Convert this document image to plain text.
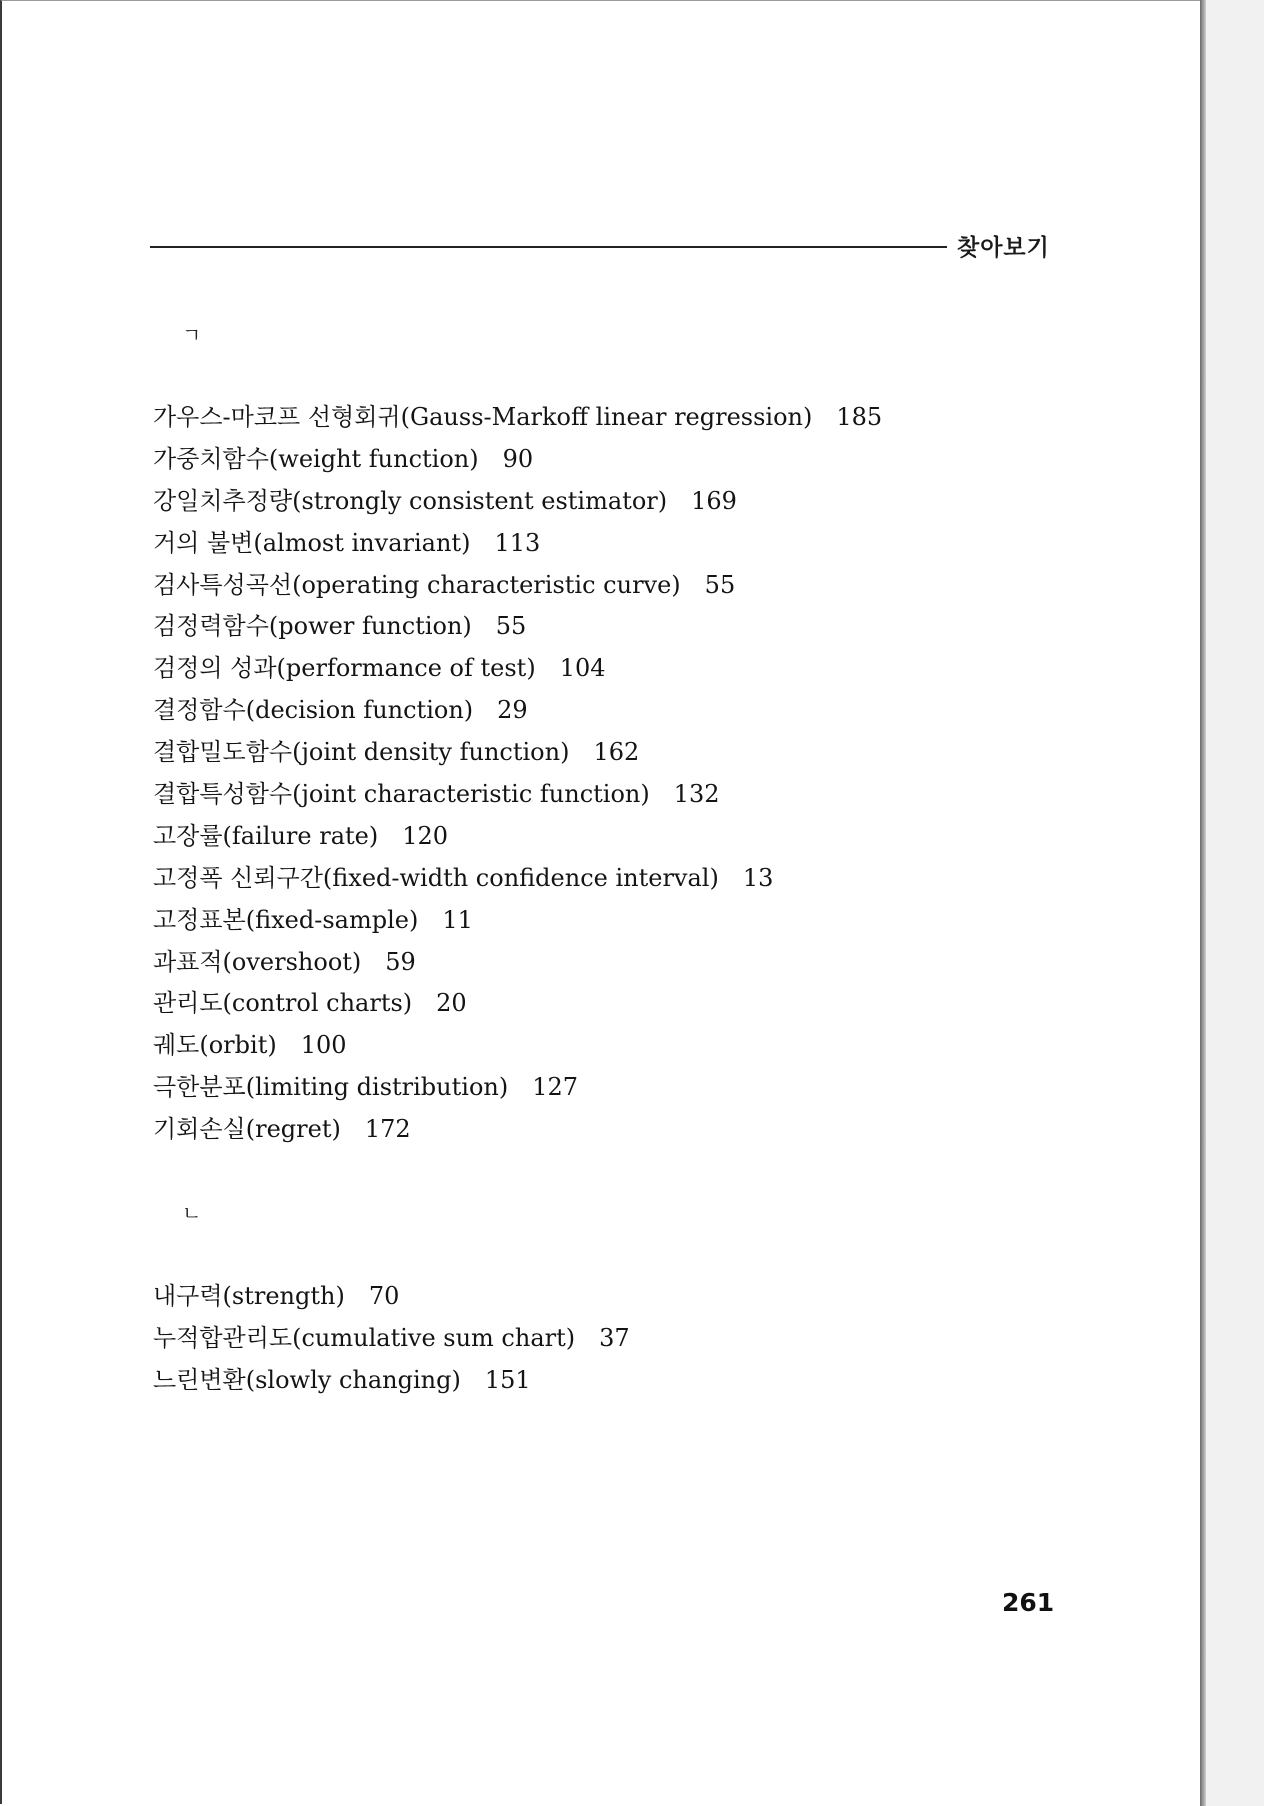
찾아보기
ㄱ
가우스-마코프 선형회귀(Gauss-Markoff linear regression) 185
가중치함수(weight function) 90
강일치추정량(strongly consistent estimator) 169
거의 불변(almost invariant) 113
검사특성곡선(operating characteristic curve) 55
검정력함수(power function) 55
검정의 성과(performance of test) 104
결정함수(decision function) 29
결합밀도함수(joint density function) 162
결합특성함수(joint characteristic function) 132
고장률(failure rate) 120
고정폭 신뢰구간(fixed-width confidence interval) 13
고정표본(fixed-sample) 11
과표적(overshoot) 59
관리도(control charts) 20
궤도(orbit) 100
극한분포(limiting distribution) 127
기회손실(regret) 172
ㄴ
내구력(strength) 70
누적합관리도(cumulative sum chart) 37
느린변환(slowly changing) 151
261
